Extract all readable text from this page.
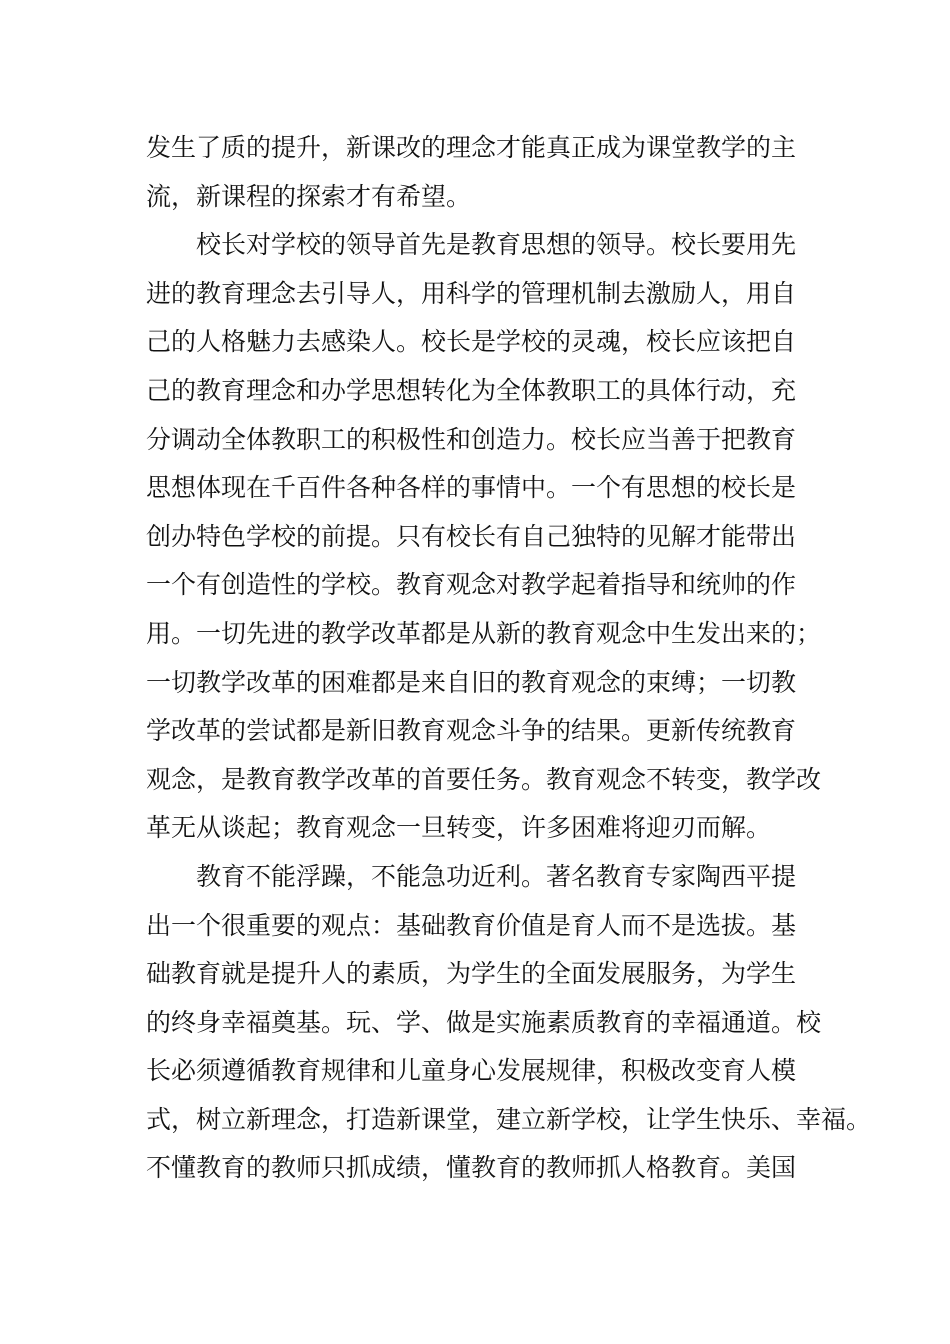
发生了质的提升，新课改的理念才能真正成为课堂教学的主
流，新课程的探索才有希望。
校长对学校的领导首先是教育思想的领导。校长要用先
进的教育理念去引导人，用科学的管理机制去激励人，用自
己的人格魅力去感染人。校长是学校的灵魂，校长应该把自
己的教育理念和办学思想转化为全体教职工的具体行动，充
分调动全体教职工的积极性和创造力。校长应当善于把教育
思想体现在千百件各种各样的事情中。一个有思想的校长是
创办特色学校的前提。只有校长有自己独特的见解才能带出
一个有创造性的学校。教育观念对教学起着指导和统帅的作
用。一切先进的教学改革都是从新的教育观念中生发出来的；
一切教学改革的困难都是来自旧的教育观念的束缚；一切教
学改革的尝试都是新旧教育观念斗争的结果。更新传统教育
观念，是教育教学改革的首要任务。教育观念不转变，教学改
革无从谈起；教育观念一旦转变，许多困难将迎刃而解。
教育不能浮躁，不能急功近利。著名教育专家陶西平提
出一个很重要的观点：基础教育价值是育人而不是选拔。基
础教育就是提升人的素质，为学生的全面发展服务，为学生
的终身幸福奠基。玩、学、做是实施素质教育的幸福通道。校
长必须遵循教育规律和儿童身心发展规律，积极改变育人模
式，树立新理念，打造新课堂，建立新学校，让学生快乐、幸福。
不懂教育的教师只抓成绩，懂教育的教师抓人格教育。美国
